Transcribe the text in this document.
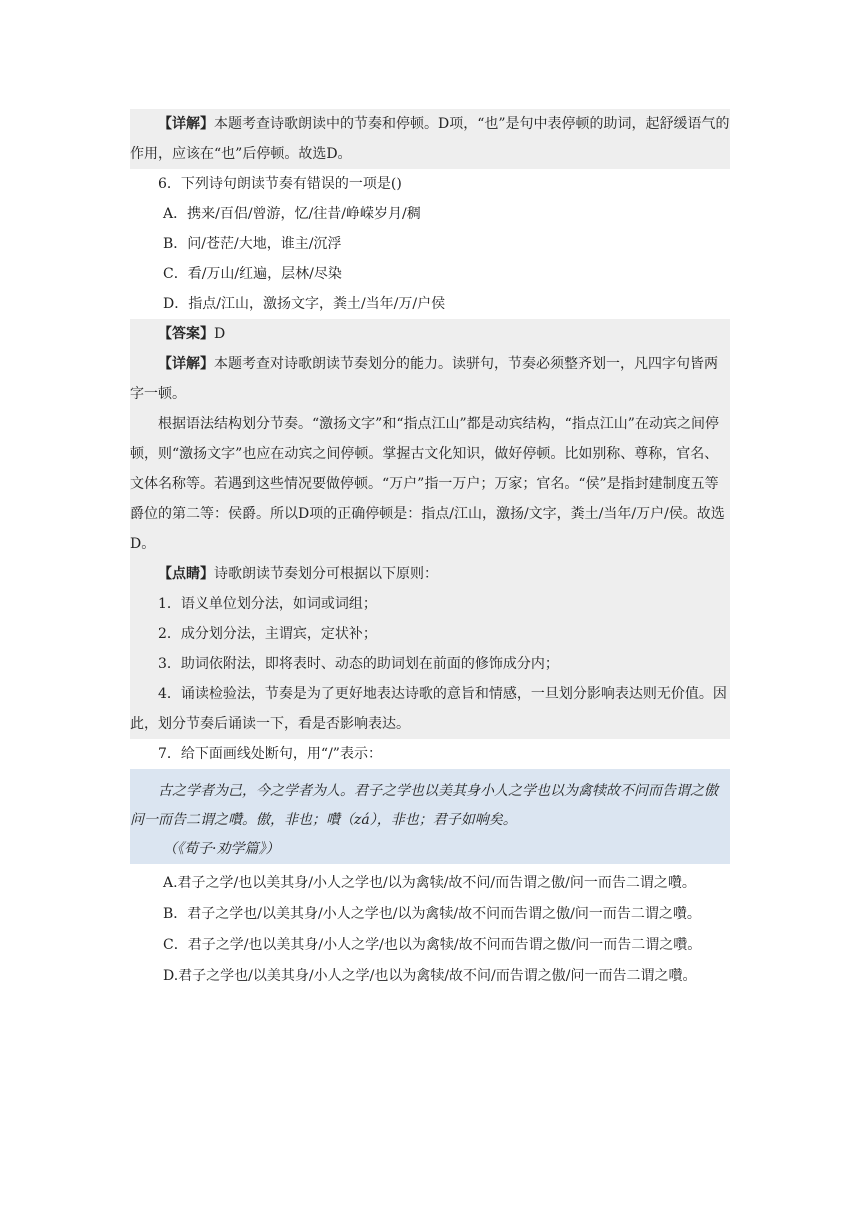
【详解】本题考查诗歌朗读中的节奏和停顿。D项，“也”是句中表停顿的助词，起舒缓语气的作用，应该在“也”后停顿。故选D。

6．下列诗句朗读节奏有错误的一项是()

A．携来/百侣/曾游，忆/往昔/峥嵘岁月/稠

B．问/苍茫/大地，谁主/沉浮

C．看/万山/红遍，层林/尽染

D．指点/江山，激扬文字，粪土/当年/万/户侯

【答案】D

【详解】本题考查对诗歌朗读节奏划分的能力。读骈句，节奏必须整齐划一，凡四字句皆两字一顿。

根据语法结构划分节奏。“激扬文字”和“指点江山”都是动宾结构，“指点江山”在动宾之间停顿，则“激扬文字”也应在动宾之间停顿。掌握古文化知识，做好停顿。比如别称、尊称，官名、文体名称等。若遇到这些情况要做停顿。“万户”指一万户；万家；官名。“侯”是指封建制度五等爵位的第二等：侯爵。所以D项的正确停顿是：指点/江山，激扬/文字，粪土/当年/万户/侯。故选D。

【点睛】诗歌朗读节奏划分可根据以下原则：

1．语义单位划分法，如词或词组；

2．成分划分法，主谓宾，定状补；

3．助词依附法，即将表时、动态的助词划在前面的修饰成分内；

4．诵读检验法，节奏是为了更好地表达诗歌的意旨和情感，一旦划分影响表达则无价值。因此，划分节奏后诵读一下，看是否影响表达。

7．给下面画线处断句，用“/”表示：

古之学者为己，今之学者为人。君子之学也以美其身小人之学也以为禽犊故不问而告谓之傲问一而告二谓之囋。傲，非也；囋（zá），非也；君子如响矣。

（《荀子·劝学篇》）

A.君子之学/也以美其身/小人之学也/以为禽犊/故不问/而告谓之傲/问一而告二谓之囋。

B．君子之学也/以美其身/小人之学也/以为禽犊/故不问而告谓之傲/问一而告二谓之囋。

C．君子之学/也以美其身/小人之学/也以为禽犊/故不问而告谓之傲/问一而告二谓之囋。

D.君子之学也/以美其身/小人之学/也以为禽犊/故不问/而告谓之傲/问一而告二谓之囋。
